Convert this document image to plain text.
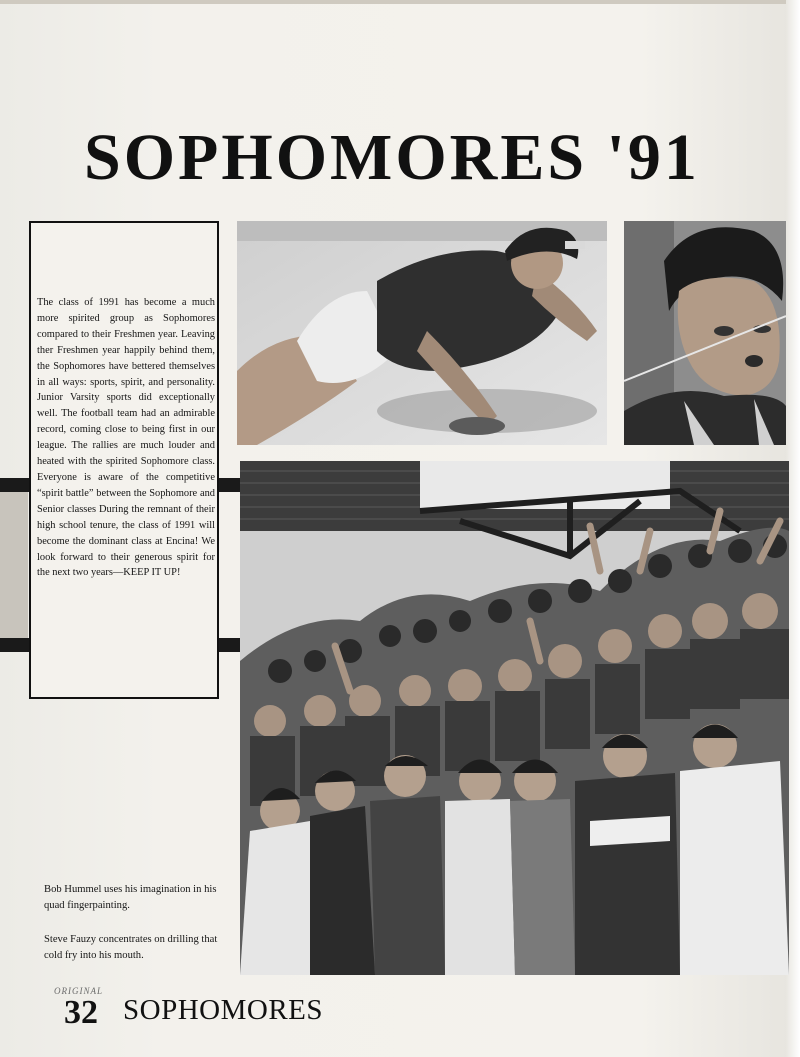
SOPHOMORES '91
The class of 1991 has become a much more spirited group as Sophomores compared to their Freshmen year. Leaving ther Freshmen year happily behind them, the Sophomores have bettered themselves in all ways: sports, spirit, and personality. Junior Varsity sports did exceptionally well. The football team had an admirable record, coming close to being first in our league. The rallies are much louder and heated with the spirited Sophomore class. Everyone is aware of the competitive “spirit battle” between the Sophomore and Senior classes During the remnant of their high school tenure, the class of 1991 will become the dominant class at Encina! We look forward to their generous spirit for the next two years—KEEP IT UP!
Bob Hummel uses his imagination in his quad fingerpainting.
Steve Fauzy concentrates on drilling that cold fry into his mouth.
ORIGINAL
32 SOPHOMORES
